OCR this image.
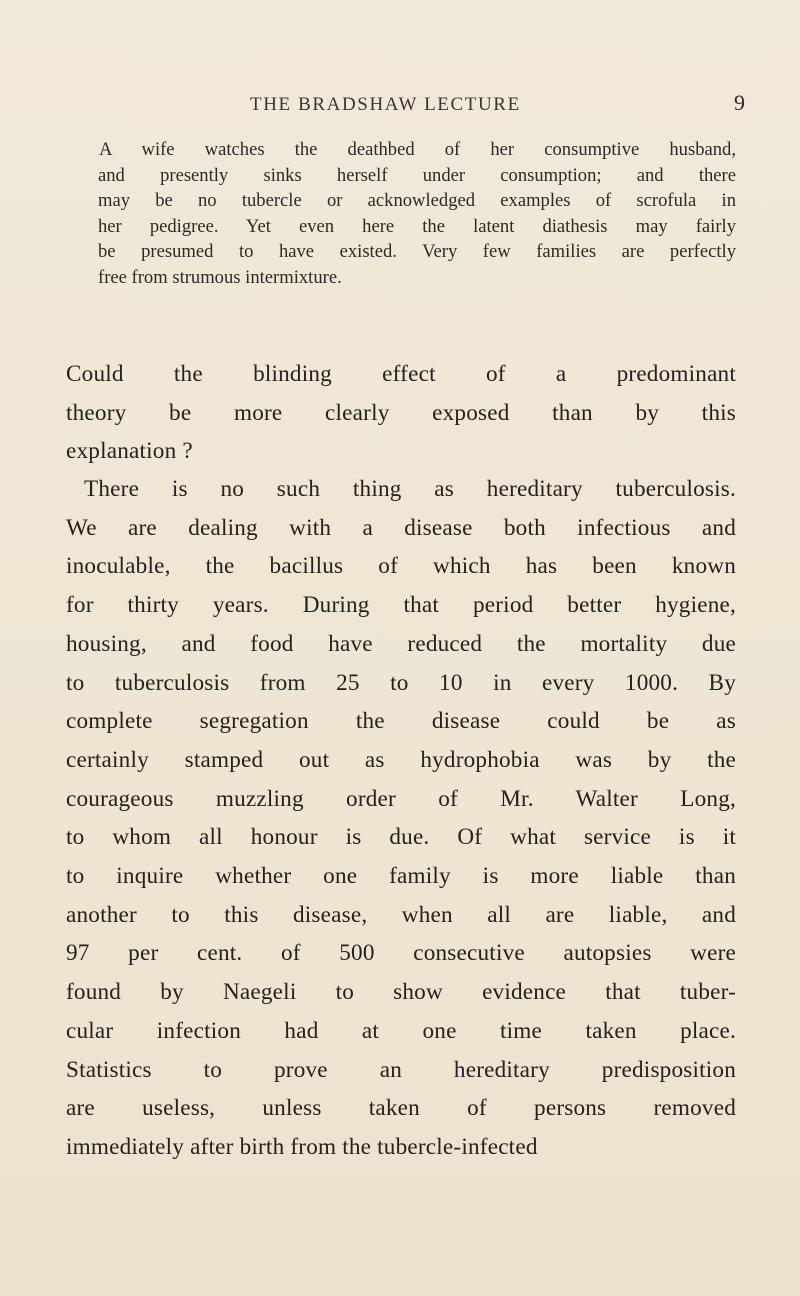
THE BRADSHAW LECTURE	9

A wife watches the deathbed of her consumptive husband,
and presently sinks herself under consumption; and there
may be no tubercle or acknowledged examples of scrofula in
her pedigree. Yet even here the latent diathesis may fairly
be presumed to have existed. Very few families are perfectly
free from strumous intermixture.

Could the blinding effect of a predominant
theory be more clearly exposed than by this
explanation ?

There is no such thing as hereditary tuberculosis.
We are dealing with a disease both infectious and
inoculable, the bacillus of which has been known
for thirty years. During that period better hygiene,
housing, and food have reduced the mortality due
to tuberculosis from 25 to 10 in every 1000. By
complete segregation the disease could be as
certainly stamped out as hydrophobia was by the
courageous muzzling order of Mr. Walter Long,
to whom all honour is due. Of what service is it
to inquire whether one family is more liable than
another to this disease, when all are liable, and
97 per cent. of 500 consecutive autopsies were
found by Naegeli to show evidence that tuber-
cular infection had at one time taken place.
Statistics to prove an hereditary predisposition
are useless, unless taken of persons removed
immediately after birth from the tubercle-infected
